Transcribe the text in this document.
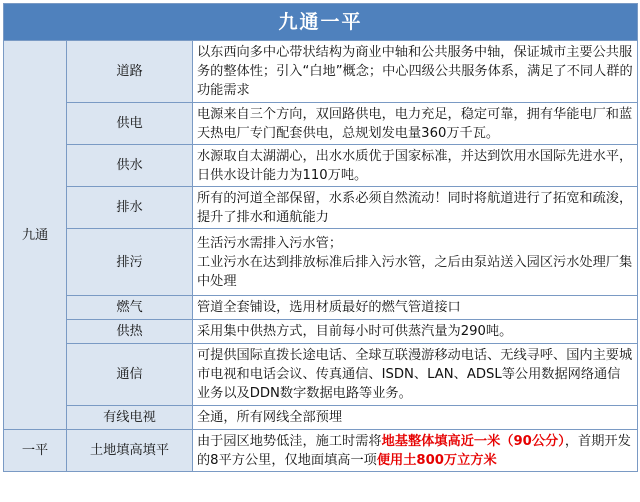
九通一平		
九通	道路	以东西向多中心带状结构为商业中轴和公共服务中轴，保证城市主要公共服务的整体性；引入“白地”概念；中心四级公共服务体系，满足了不同人群的功能需求
	供电	电源来自三个方向，双回路供电，电力充足，稳定可靠，拥有华能电厂和蓝天热电厂专门配套供电，总规划发电量360万千瓦。
	供水	水源取自太湖湖心，出水水质优于国家标准，并达到饮用水国际先进水平，日供水设计能力为110万吨。
	排水	所有的河道全部保留，水系必须自然流动！同时将航道进行了拓宽和疏浚，提升了排水和通航能力
	排污	生活污水需排入污水管；
工业污水在达到排放标准后排入污水管，之后由泵站送入园区污水处理厂集中处理
	燃气	管道全套铺设，选用材质最好的燃气管道接口
	供热	采用集中供热方式，目前每小时可供蒸汽量为290吨。
	通信	可提供国际直拨长途电话、全球互联漫游移动电话、无线寻呼、国内主要城市电视和电话会议、传真通信、ISDN、LAN、ADSL等公用数据网络通信业务以及DDN数字数据电路等业务。
	有线电视	全通，所有网线全部预埋
一平	土地填高填平	由于园区地势低洼，施工时需将地基整体填高近一米（90公分），首期开发的8平方公里，仅地面填高一项便用土800万立方米
